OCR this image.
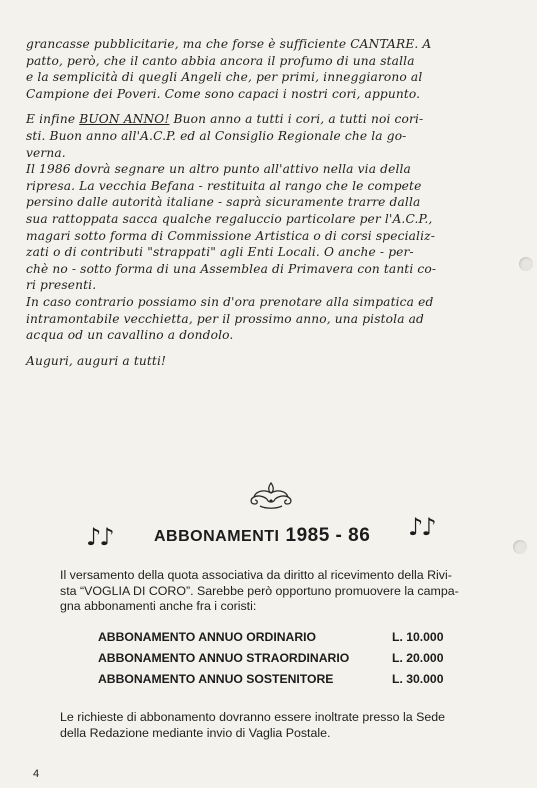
grancasse pubblicitarie, ma che forse è sufficiente CANTARE. A
patto, però, che il canto abbia ancora il profumo di una stalla
e la semplicità di quegli Angeli che, per primi, inneggiarono al
Campione dei Poveri. Come sono capaci i nostri cori, appunto.

E infine BUON ANNO! Buon anno a tutti i cori, a tutti noi cori-
sti. Buon anno all'A.C.P. ed al Consiglio Regionale che la go-
verna.

Il 1986 dovrà segnare un altro punto all'attivo nella via della
ripresa. La vecchia Befana - restituita al rango che le compete
persino dalle autorità italiane - saprà sicuramente trarre dalla
sua rattoppata sacca qualche regaluccio particolare per l'A.C.P.,
magari sotto forma di Commissione Artistica o di corsi specializ-
zati o di contributi "strappati" agli Enti Locali. O anche - per-
chè no - sotto forma di una Assemblea di Primavera con tanti co-
ri presenti.
In caso contrario possiamo sin d'ora prenotare alla simpatica ed
intramontabile vecchietta, per il prossimo anno, una pistola ad
acqua od un cavallino a dondolo.

Auguri, auguri a tutti!

♪♪	ABBONAMENTI 1985 - 86 ♪♪
Il versamento della quota associativa da diritto al ricevimento della Rivi-
sta “VOGLIA DI CORO”. Sarebbe però opportuno promuovere la campa-
gna abbonamenti anche fra i coristi:
ABBONAMENTO ANNUO ORDINARIO	L. 10.000
ABBONAMENTO ANNUO STRAORDINARIO	L. 20.000
ABBONAMENTO ANNUO SOSTENITORE	L. 30.000
Le richieste di abbonamento dovranno essere inoltrate presso la Sede
della Redazione mediante invio di Vaglia Postale.
4
